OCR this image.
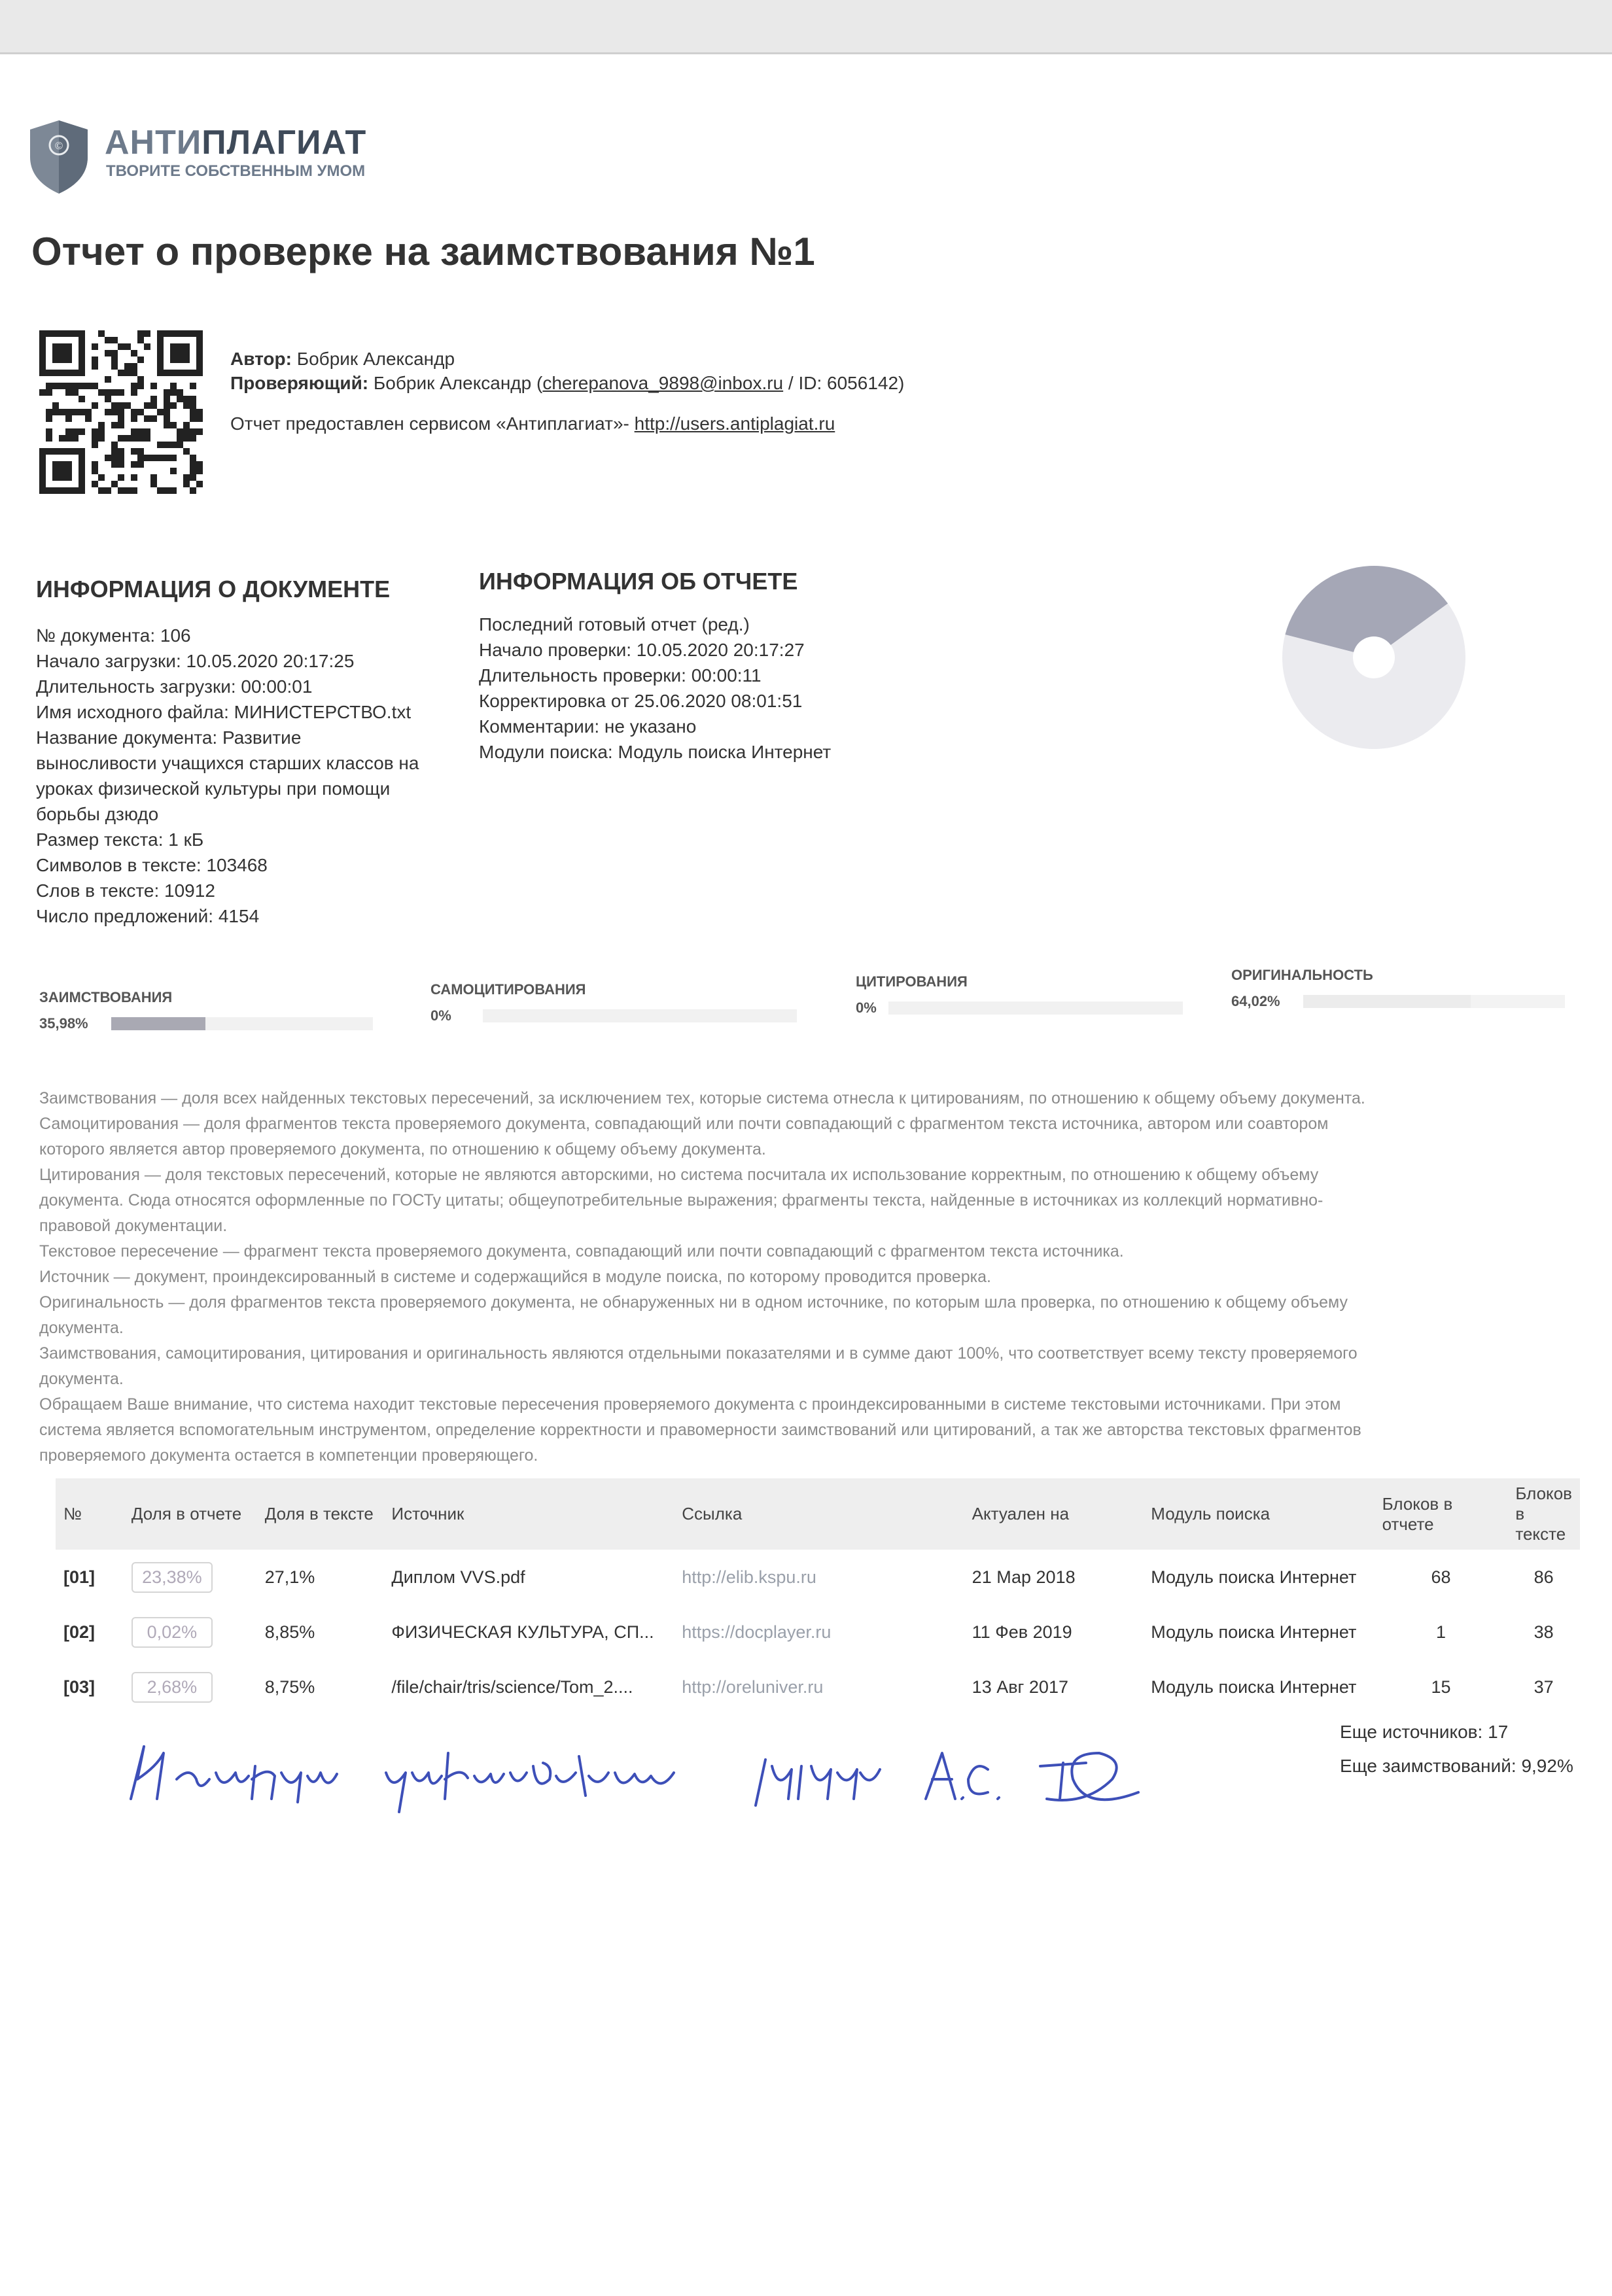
© АНТИПЛАГИАТ
ТВОРИТЕ СОБСТВЕННЫМ УМОМ
Отчет о проверке на заимствования №1
Автор: Бобрик Александр
Проверяющий: Бобрик Александр (cherepanova_9898@inbox.ru / ID: 6056142)
Отчет предоставлен сервисом «Антиплагиат»- http://users.antiplagiat.ru
ИНФОРМАЦИЯ О ДОКУМЕНТЕ
№ документа: 106
Начало загрузки: 10.05.2020 20:17:25
Длительность загрузки: 00:00:01
Имя исходного файла: МИНИСТЕРСТВО.txt
Название документа: Развитие
выносливости учащихся старших классов на
уроках физической культуры при помощи
борьбы дзюдо
Размер текста: 1 кБ
Символов в тексте: 103468
Слов в тексте: 10912
Число предложений: 4154
ИНФОРМАЦИЯ ОБ ОТЧЕТЕ
Последний готовый отчет (ред.)
Начало проверки: 10.05.2020 20:17:27
Длительность проверки: 00:00:11
Корректировка от 25.06.2020 08:01:51
Комментарии: не указано
Модули поиска: Модуль поиска Интернет
ЗАИМСТВОВАНИЯ
35,98%
САМОЦИТИРОВАНИЯ
0%
ЦИТИРОВАНИЯ
0%
ОРИГИНАЛЬНОСТЬ
64,02%

Заимствования — доля всех найденных текстовых пересечений, за исключением тех, которые система отнесла к цитированиям, по отношению к общему объему документа.

Самоцитирования — доля фрагментов текста проверяемого документа, совпадающий или почти совпадающий с фрагментом текста источника, автором или соавтором

которого является автор проверяемого документа, по отношению к общему объему документа.

Цитирования — доля текстовых пересечений, которые не являются авторскими, но система посчитала их использование корректным, по отношению к общему объему

документа. Сюда относятся оформленные по ГОСТу цитаты; общеупотребительные выражения; фрагменты текста, найденные в источниках из коллекций нормативно-

правовой документации.

Текстовое пересечение — фрагмент текста проверяемого документа, совпадающий или почти совпадающий с фрагментом текста источника.

Источник — документ, проиндексированный в системе и содержащийся в модуле поиска, по которому проводится проверка.

Оригинальность — доля фрагментов текста проверяемого документа, не обнаруженных ни в одном источнике, по которым шла проверка, по отношению к общему объему

документа.

Заимствования, самоцитирования, цитирования и оригинальность являются отдельными показателями и в сумме дают 100%, что соответствует всему тексту проверяемого

документа.

Обращаем Ваше внимание, что система находит текстовые пересечения проверяемого документа с проиндексированными в системе текстовыми источниками. При этом

система является вспомогательным инструментом, определение корректности и правомерности заимствований или цитирований, а так же авторства текстовых фрагментов

проверяемого документа остается в компетенции проверяющего.

№	Доля в отчете	Доля в тексте	Источник	Ссылка	Актуален на	Модуль поиска	Блоков в отчете	Блоков в тексте
[01]	23,38%	27,1%	Диплом VVS.pdf	http://elib.kspu.ru	21 Мар 2018	Модуль поиска Интернет	68	86
[02]	0,02%	8,85%	ФИЗИЧЕСКАЯ КУЛЬТУРА, СП...	https://docplayer.ru	11 Фев 2019	Модуль поиска Интернет	1	38
[03]	2,68%	8,75%	/file/chair/tris/science/Tom_2....	http://oreluniver.ru	13 Авг 2017	Модуль поиска Интернет	15	37
Еще источников: 17
Еще заимствований: 9,92%
